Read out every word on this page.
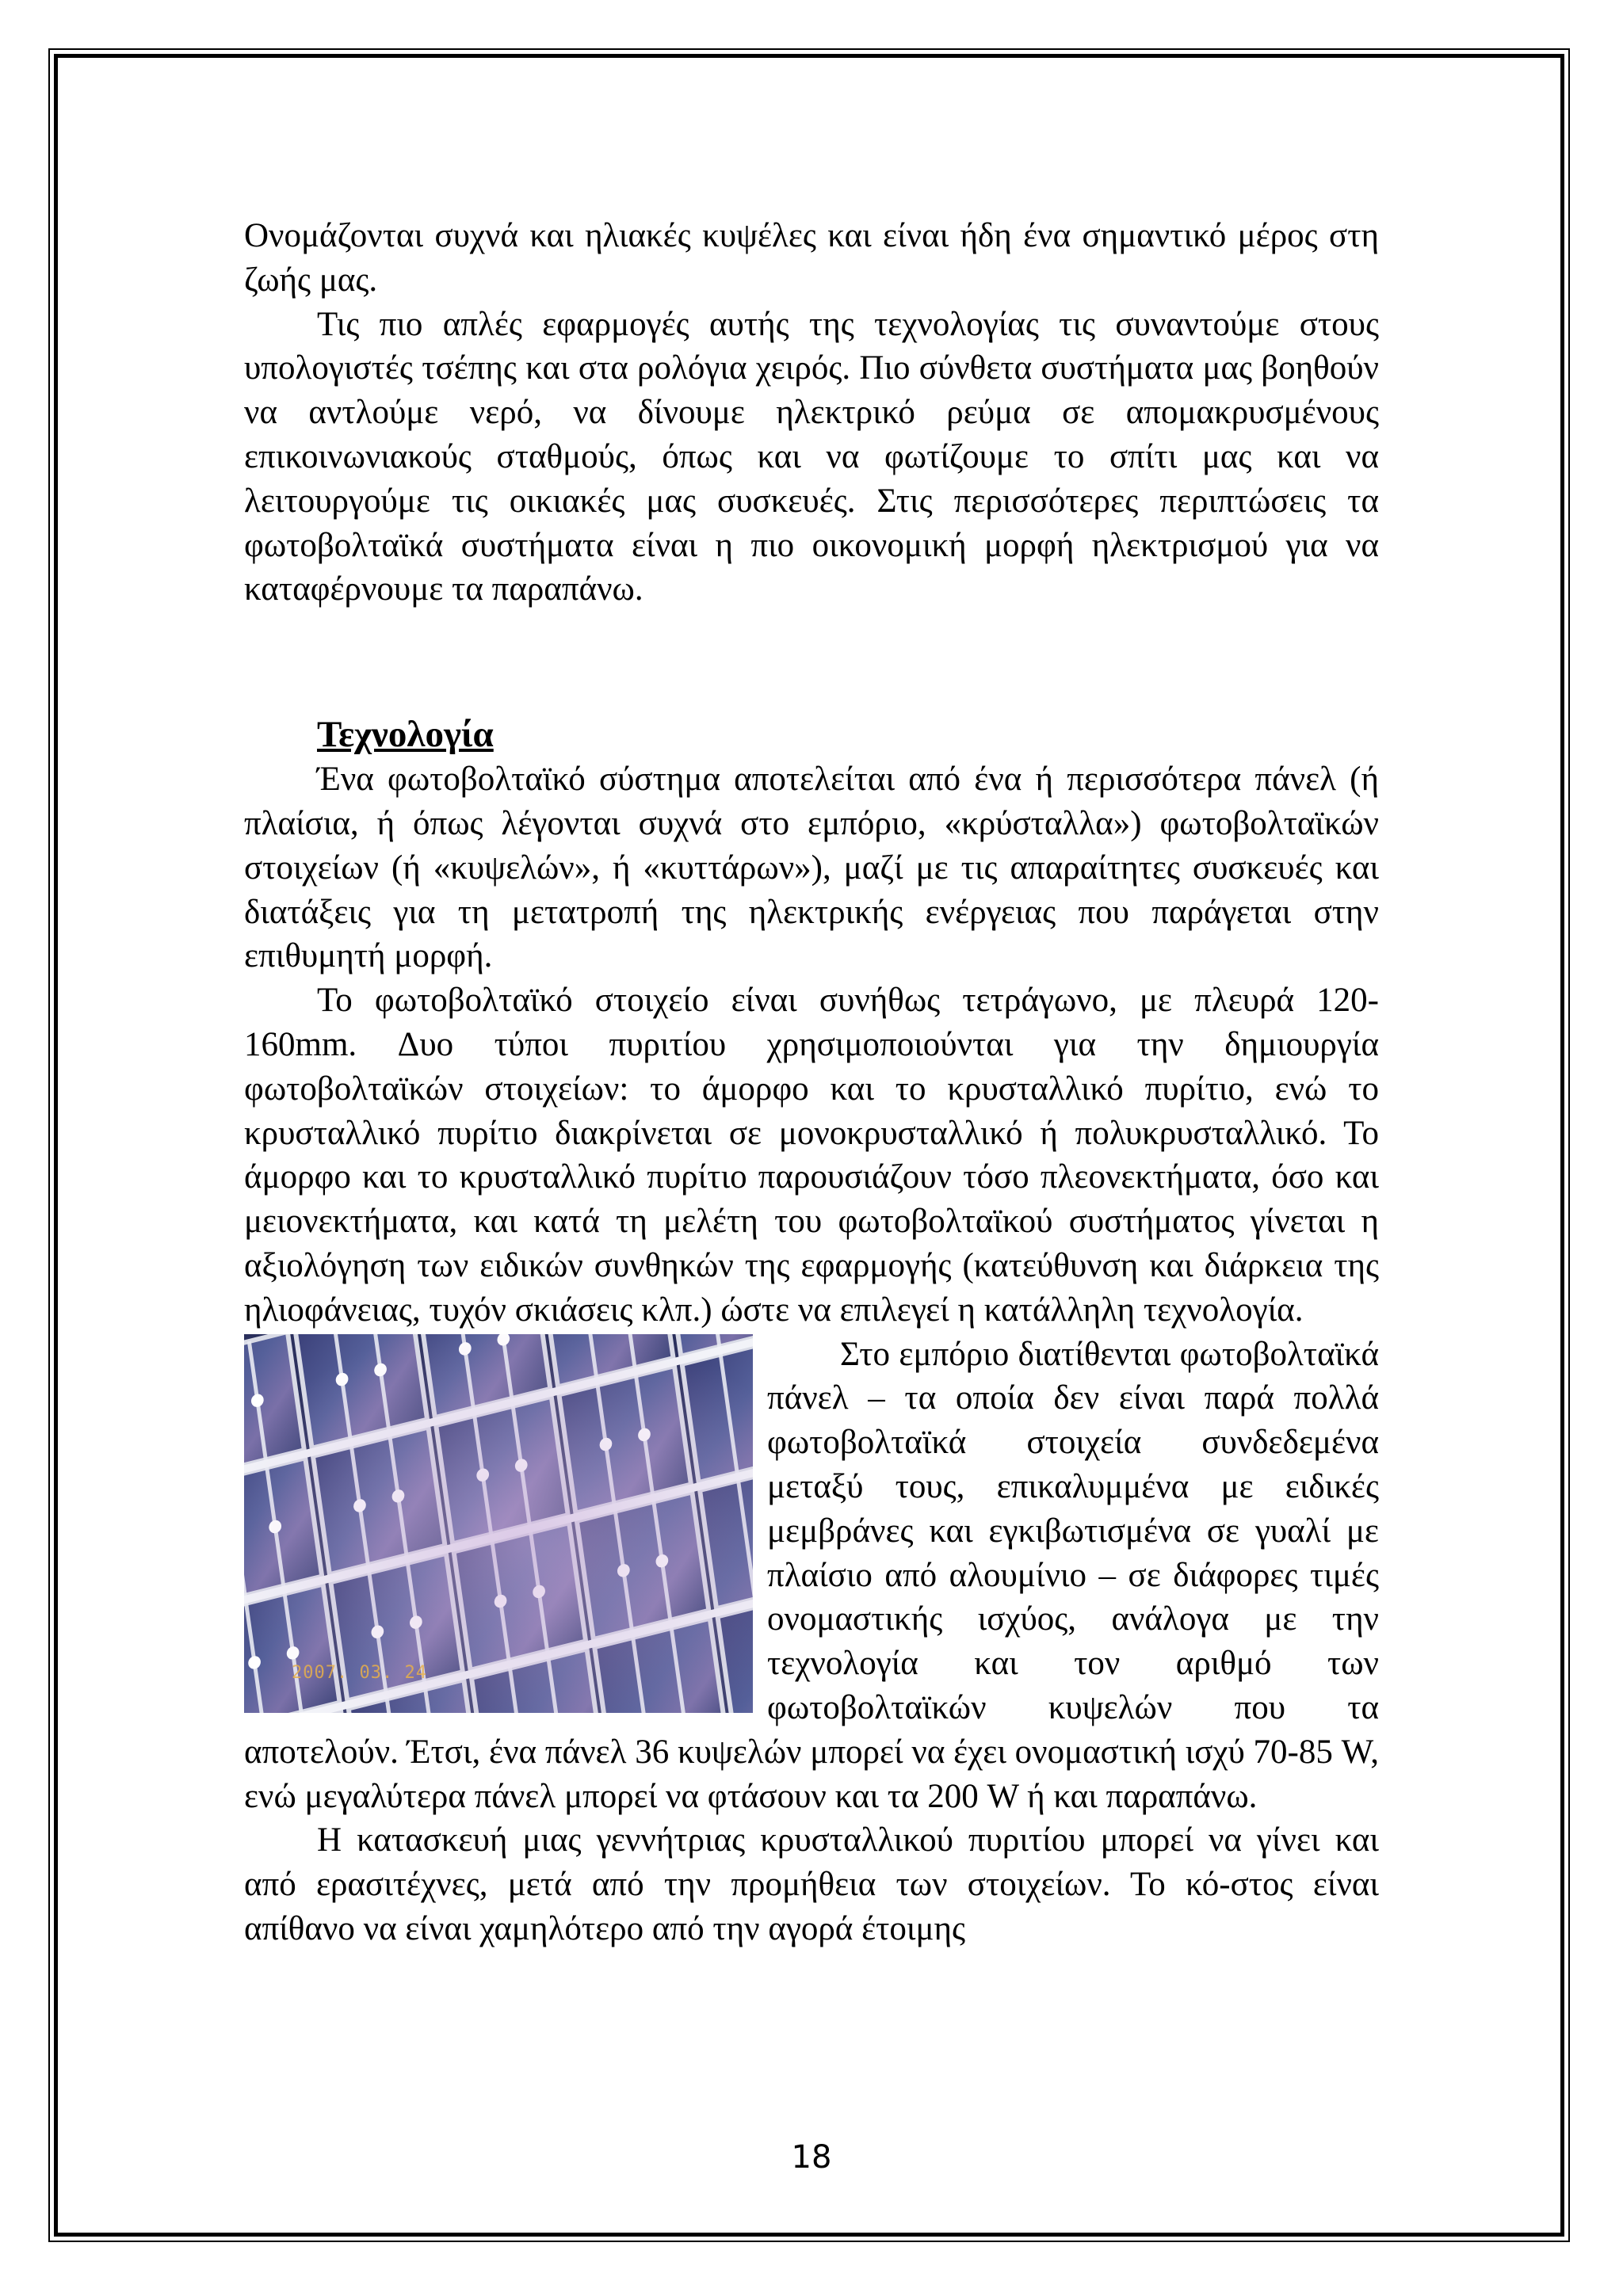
Ονομάζονται συχνά και ηλιακές κυψέλες και είναι ήδη ένα σημαντικό μέρος στη ζωής μας.

Τις πιο απλές εφαρμογές αυτής της τεχνολογίας τις συναντούμε στους υπολογιστές τσέπης και στα ρολόγια χειρός. Πιο σύνθετα συστήματα μας βοηθούν να αντλούμε νερό, να δίνουμε ηλεκτρικό ρεύμα σε απομακρυσμένους επικοινωνιακούς σταθμούς, όπως και να φωτίζουμε το σπίτι μας και να λειτουργούμε τις οικιακές μας συσκευές. Στις περισσότερες περιπτώσεις τα φωτοβολταϊκά συστήματα είναι η πιο οικονομική μορφή ηλεκτρισμού για να καταφέρνουμε τα παραπάνω.

Τεχνολογία

Ένα φωτοβολταϊκό σύστημα αποτελείται από ένα ή περισσότερα πάνελ (ή πλαίσια, ή όπως λέγονται συχνά στο εμπόριο, «κρύσταλλα») φωτοβολταϊκών στοιχείων (ή «κυψελών», ή «κυττάρων»), μαζί με τις απαραίτητες συσκευές και διατάξεις για τη μετατροπή της ηλεκτρικής ενέργειας που παράγεται στην επιθυμητή μορφή.

Το φωτοβολταϊκό στοιχείο είναι συνήθως τετράγωνο, με πλευρά 120-160mm. Δυο τύποι πυριτίου χρησιμοποιούνται για την δημιουργία φωτοβολταϊκών στοιχείων: το άμορφο και το κρυσταλλικό πυρίτιο, ενώ το κρυσταλλικό πυρίτιο διακρίνεται σε μονοκρυσταλλικό ή πολυκρυσταλλικό. Το άμορφο και το κρυσταλλικό πυρίτιο παρουσιάζουν τόσο πλεονεκτήματα, όσο και μειονεκτήματα, και κατά τη μελέτη του φωτοβολταϊκού συστήματος γίνεται η αξιολόγηση των ειδικών συνθηκών της εφαρμογής (κατεύθυνση και διάρκεια της ηλιοφάνειας, τυχόν σκιάσεις κλπ.) ώστε να επιλεγεί η κατάλληλη τεχνολογία.

2007. 03. 24

Στο εμπόριο διατίθενται φωτοβολταϊκά πάνελ – τα οποία δεν είναι παρά πολλά φωτοβολταϊκά στοιχεία συνδεδεμένα μεταξύ τους, επικαλυμμένα με ειδικές μεμβράνες και εγκιβωτισμένα σε γυαλί με πλαίσιο από αλουμίνιο – σε διάφορες τιμές ονομαστικής ισχύος, ανάλογα με την τεχνολογία και τον αριθμό των φωτοβολταϊκών κυψελών που τα αποτελούν. Έτσι, ένα πάνελ 36 κυψελών μπορεί να έχει ονομαστική ισχύ 70-85 W, ενώ μεγαλύτερα πάνελ μπορεί να φτάσουν και τα 200 W ή και παραπάνω.

Η κατασκευή μιας γεννήτριας κρυσταλλικού πυριτίου μπορεί να γίνει και από ερασιτέχνες, μετά από την προμήθεια των στοιχείων. Το κό-στος είναι απίθανο να είναι χαμηλότερο από την αγορά έτοιμης

18
